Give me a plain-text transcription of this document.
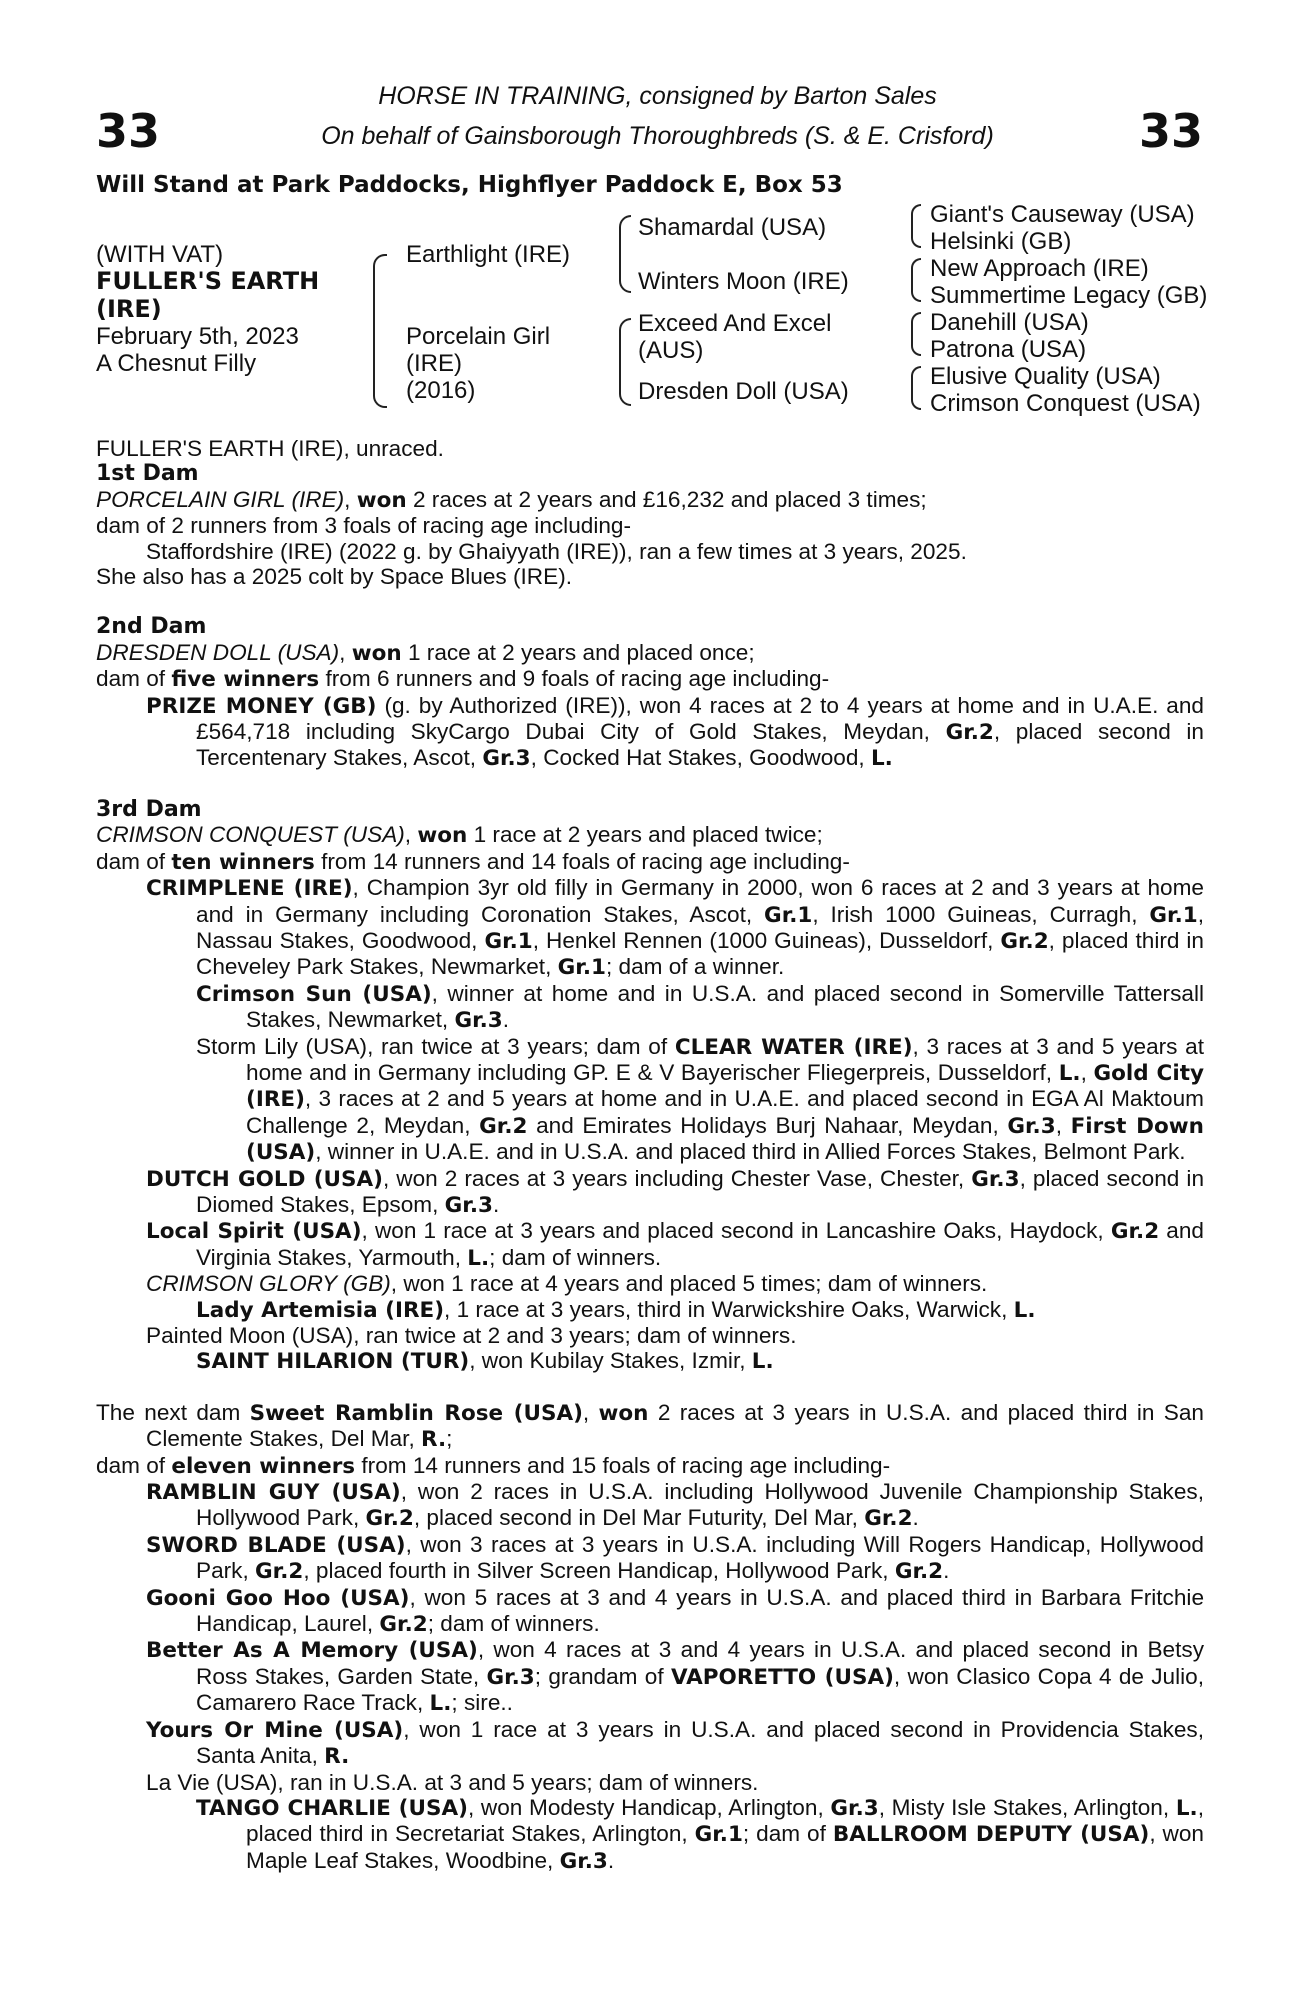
33	33
HORSE IN TRAINING, consigned by Barton Sales
On behalf of Gainsborough Thoroughbreds (S. & E. Crisford)
Will Stand at Park Paddocks, Highflyer Paddock E, Box 53
(WITH VAT)
FULLER'S EARTH
(IRE)
February 5th, 2023
A Chesnut Filly
Earthlight (IRE)
Porcelain Girl
(IRE)
(2016)
Shamardal (USA)
Winters Moon (IRE)
Exceed And Excel
(AUS)
Dresden Doll (USA)
Giant's Causeway (USA)
Helsinki (GB)
New Approach (IRE)
Summertime Legacy (GB)
Danehill (USA)
Patrona (USA)
Elusive Quality (USA)
Crimson Conquest (USA)

FULLER'S EARTH (IRE), unraced.

1st Dam

PORCELAIN GIRL (IRE), won 2 races at 2 years and £16,232 and placed 3 times;

dam of 2 runners from 3 foals of racing age including-

Staffordshire (IRE) (2022 g. by Ghaiyyath (IRE)), ran a few times at 3 years, 2025.

She also has a 2025 colt by Space Blues (IRE).

2nd Dam

DRESDEN DOLL (USA), won 1 race at 2 years and placed once;

dam of five winners from 6 runners and 9 foals of racing age including-

PRIZE MONEY (GB) (g. by Authorized (IRE)), won 4 races at 2 to 4 years at home and in U.A.E. and £564,718 including SkyCargo Dubai City of Gold Stakes, Meydan, Gr.2, placed second in Tercentenary Stakes, Ascot, Gr.3, Cocked Hat Stakes, Goodwood, L.

3rd Dam

CRIMSON CONQUEST (USA), won 1 race at 2 years and placed twice;

dam of ten winners from 14 runners and 14 foals of racing age including-

CRIMPLENE (IRE), Champion 3yr old filly in Germany in 2000, won 6 races at 2 and 3 years at home and in Germany including Coronation Stakes, Ascot, Gr.1, Irish 1000 Guineas, Curragh, Gr.1, Nassau Stakes, Goodwood, Gr.1, Henkel Rennen (1000 Guineas), Dusseldorf, Gr.2, placed third in Cheveley Park Stakes, Newmarket, Gr.1; dam of a winner.

Crimson Sun (USA), winner at home and in U.S.A. and placed second in Somerville Tattersall Stakes, Newmarket, Gr.3.

Storm Lily (USA), ran twice at 3 years; dam of CLEAR WATER (IRE), 3 races at 3 and 5 years at home and in Germany including GP. E & V Bayerischer Fliegerpreis, Dusseldorf, L., Gold City (IRE), 3 races at 2 and 5 years at home and in U.A.E. and placed second in EGA Al Maktoum Challenge 2, Meydan, Gr.2 and Emirates Holidays Burj Nahaar, Meydan, Gr.3, First Down (USA), winner in U.A.E. and in U.S.A. and placed third in Allied Forces Stakes, Belmont Park.

DUTCH GOLD (USA), won 2 races at 3 years including Chester Vase, Chester, Gr.3, placed second in Diomed Stakes, Epsom, Gr.3.

Local Spirit (USA), won 1 race at 3 years and placed second in Lancashire Oaks, Haydock, Gr.2 and Virginia Stakes, Yarmouth, L.; dam of winners.

CRIMSON GLORY (GB), won 1 race at 4 years and placed 5 times; dam of winners.

Lady Artemisia (IRE), 1 race at 3 years, third in Warwickshire Oaks, Warwick, L.

Painted Moon (USA), ran twice at 2 and 3 years; dam of winners.

SAINT HILARION (TUR), won Kubilay Stakes, Izmir, L.

The next dam Sweet Ramblin Rose (USA), won 2 races at 3 years in U.S.A. and placed third in San Clemente Stakes, Del Mar, R.;

dam of eleven winners from 14 runners and 15 foals of racing age including-

RAMBLIN GUY (USA), won 2 races in U.S.A. including Hollywood Juvenile Championship Stakes, Hollywood Park, Gr.2, placed second in Del Mar Futurity, Del Mar, Gr.2.

SWORD BLADE (USA), won 3 races at 3 years in U.S.A. including Will Rogers Handicap, Hollywood Park, Gr.2, placed fourth in Silver Screen Handicap, Hollywood Park, Gr.2.

Gooni Goo Hoo (USA), won 5 races at 3 and 4 years in U.S.A. and placed third in Barbara Fritchie Handicap, Laurel, Gr.2; dam of winners.

Better As A Memory (USA), won 4 races at 3 and 4 years in U.S.A. and placed second in Betsy Ross Stakes, Garden State, Gr.3; grandam of VAPORETTO (USA), won Clasico Copa 4 de Julio, Camarero Race Track, L.; sire..

Yours Or Mine (USA), won 1 race at 3 years in U.S.A. and placed second in Providencia Stakes, Santa Anita, R.

La Vie (USA), ran in U.S.A. at 3 and 5 years; dam of winners.

TANGO CHARLIE (USA), won Modesty Handicap, Arlington, Gr.3, Misty Isle Stakes, Arlington, L., placed third in Secretariat Stakes, Arlington, Gr.1; dam of BALLROOM DEPUTY (USA), won Maple Leaf Stakes, Woodbine, Gr.3.
